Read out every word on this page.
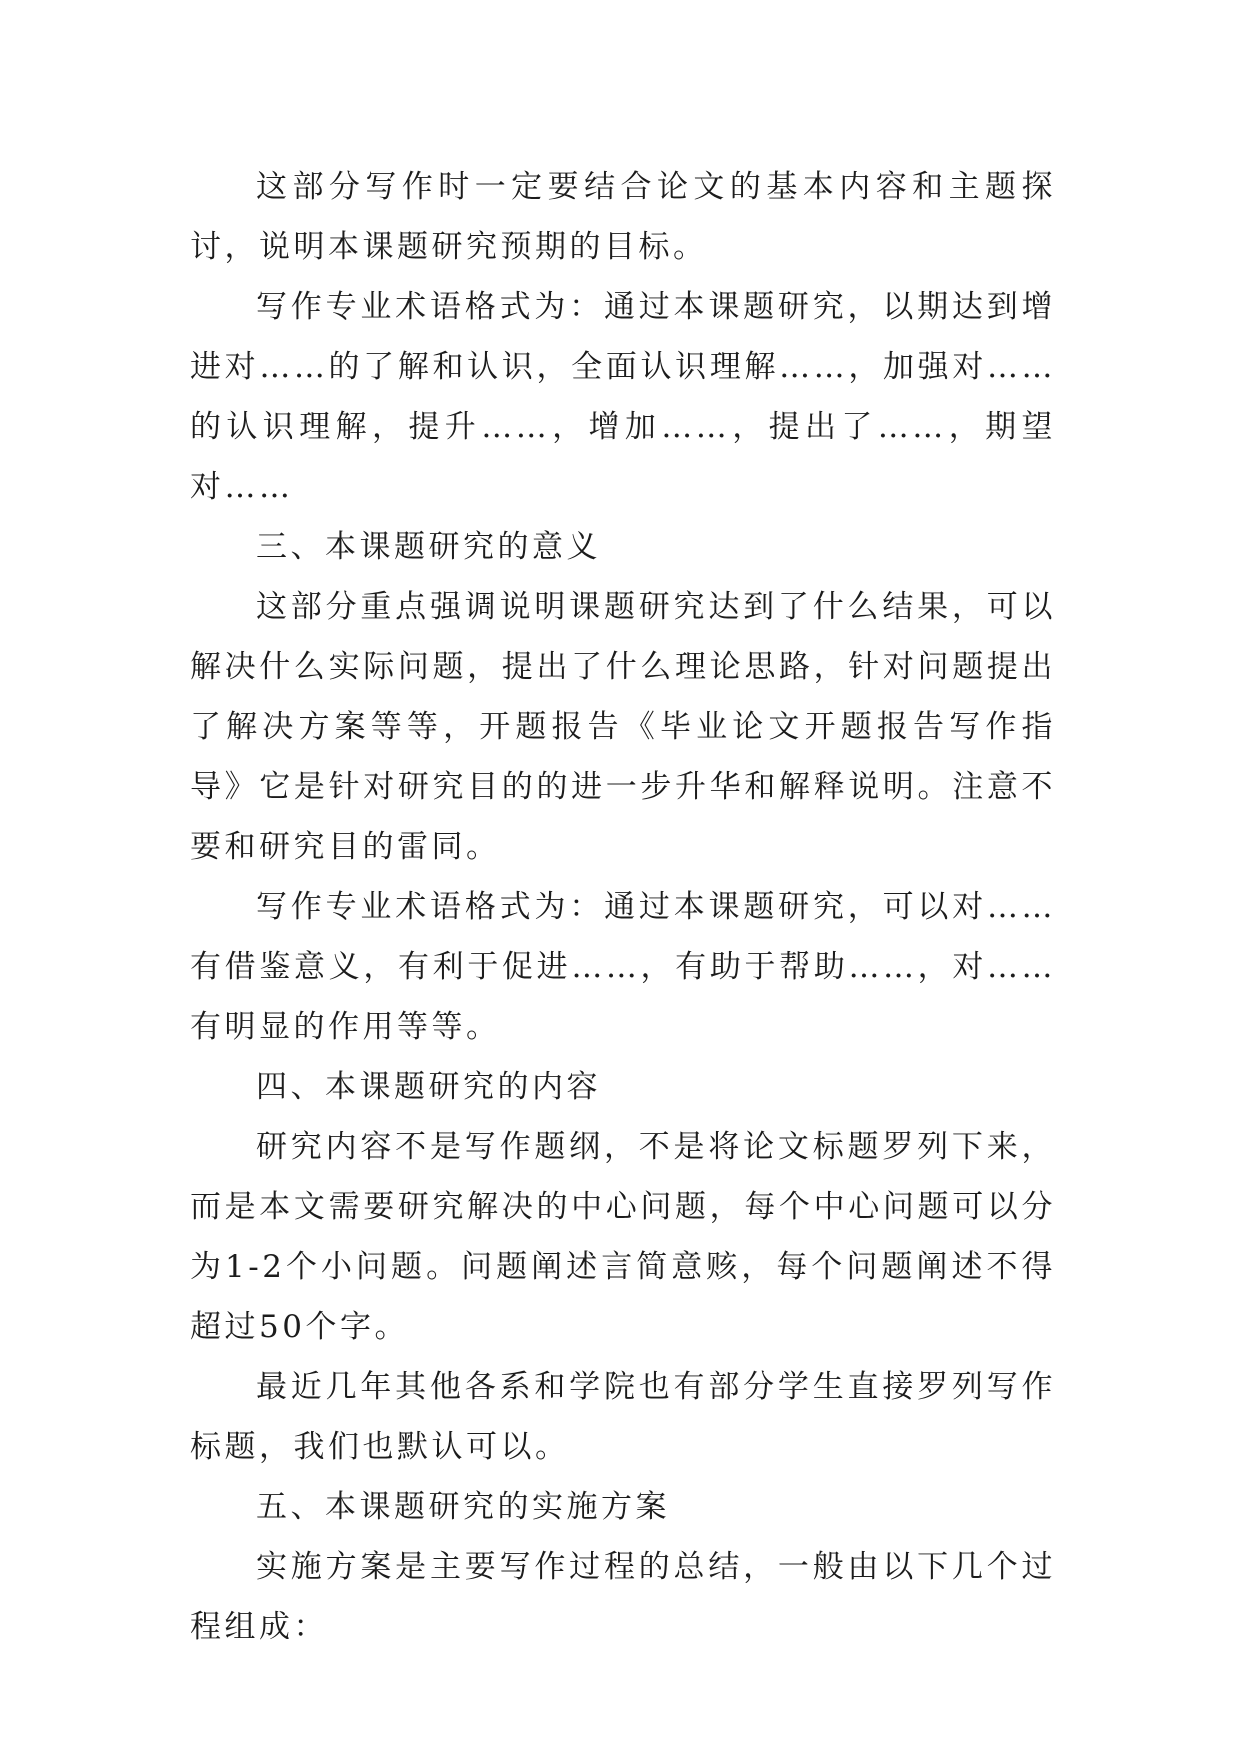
这部分写作时一定要结合论文的基本内容和主题探讨，说明本课题研究预期的目标。

写作专业术语格式为：通过本课题研究，以期达到增进对……的了解和认识，全面认识理解……，加强对……的认识理解，提升……，增加……，提出了……，期望对……

三、本课题研究的意义

这部分重点强调说明课题研究达到了什么结果，可以解决什么实际问题，提出了什么理论思路，针对问题提出了解决方案等等，开题报告《毕业论文开题报告写作指导》它是针对研究目的的进一步升华和解释说明。注意不要和研究目的雷同。

写作专业术语格式为：通过本课题研究，可以对……有借鉴意义，有利于促进……，有助于帮助……，对……有明显的作用等等。

四、本课题研究的内容

研究内容不是写作题纲，不是将论文标题罗列下来，而是本文需要研究解决的中心问题，每个中心问题可以分为1-2个小问题。问题阐述言简意赅，每个问题阐述不得超过50个字。

最近几年其他各系和学院也有部分学生直接罗列写作标题，我们也默认可以。

五、本课题研究的实施方案

实施方案是主要写作过程的总结，一般由以下几个过程组成：
